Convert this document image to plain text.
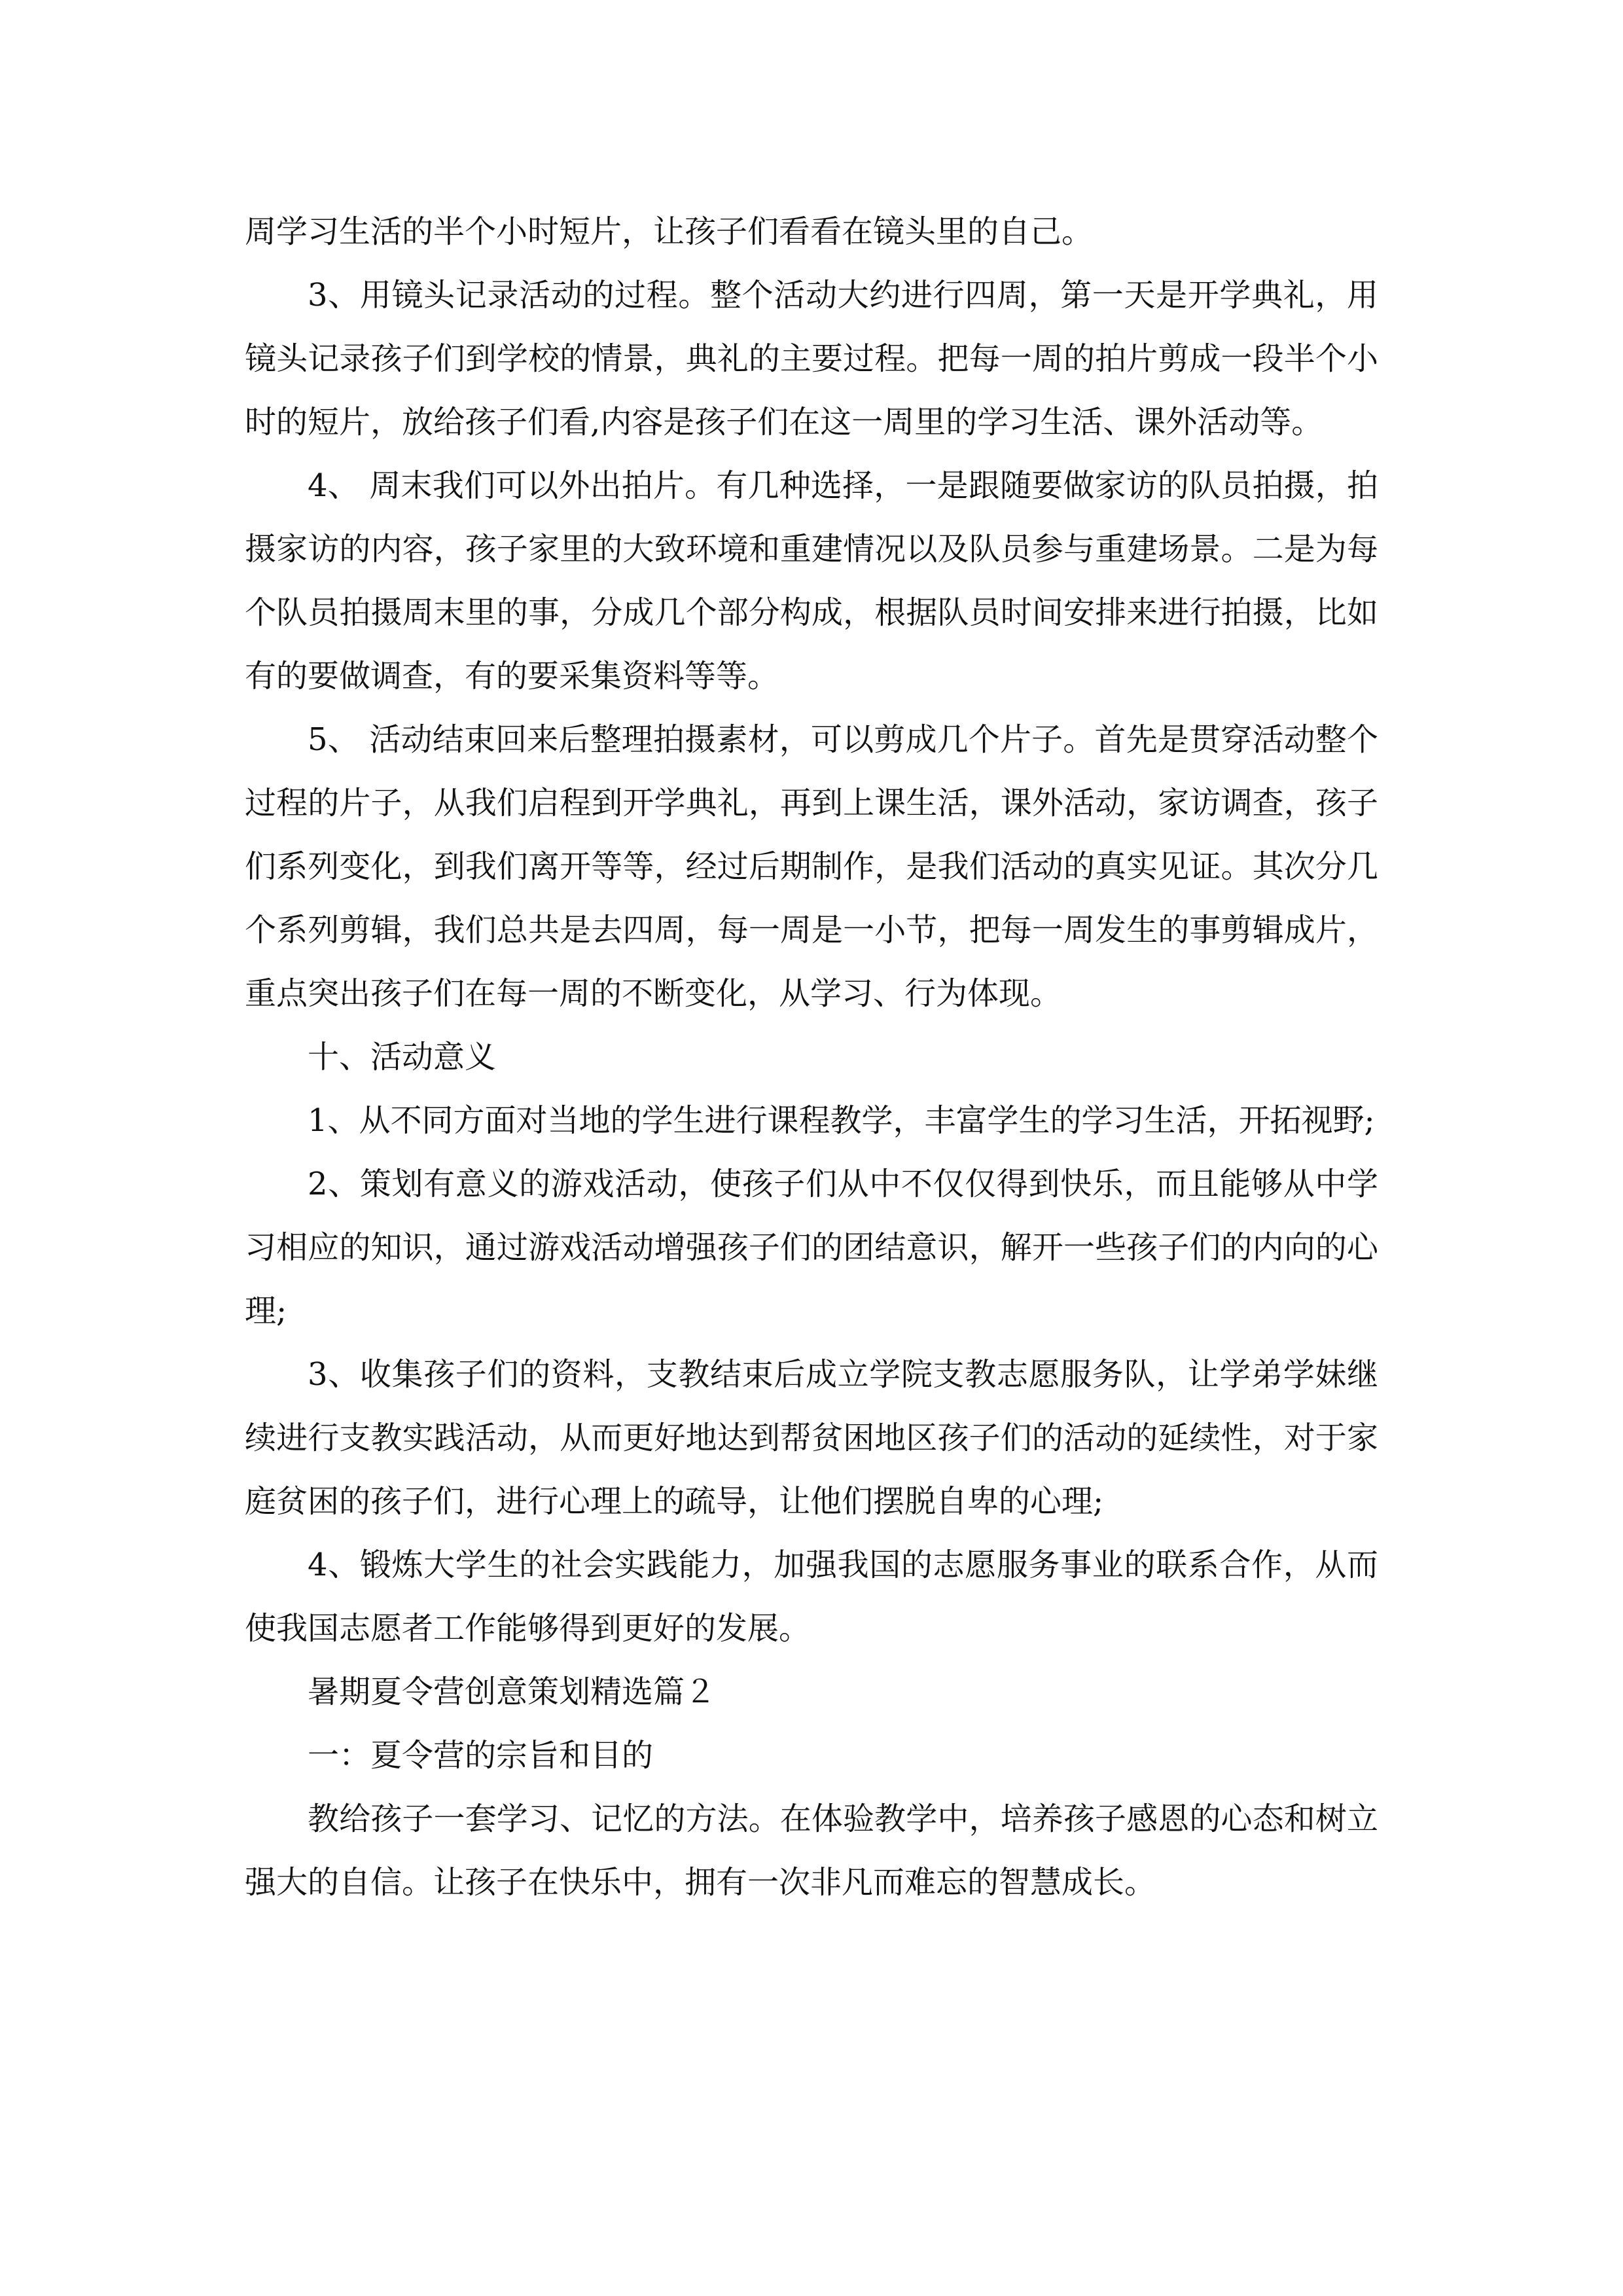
周学习生活的半个小时短片，让孩子们看看在镜头里的自己。

3、用镜头记录活动的过程。整个活动大约进行四周，第一天是开学典礼，用镜头记录孩子们到学校的情景，典礼的主要过程。把每一周的拍片剪成一段半个小时的短片，放给孩子们看,内容是孩子们在这一周里的学习生活、课外活动等。

4、 周末我们可以外出拍片。有几种选择，一是跟随要做家访的队员拍摄，拍摄家访的内容，孩子家里的大致环境和重建情况以及队员参与重建场景。二是为每个队员拍摄周末里的事，分成几个部分构成，根据队员时间安排来进行拍摄，比如有的要做调查，有的要采集资料等等。

5、 活动结束回来后整理拍摄素材，可以剪成几个片子。首先是贯穿活动整个过程的片子，从我们启程到开学典礼，再到上课生活，课外活动，家访调查，孩子们系列变化，到我们离开等等，经过后期制作，是我们活动的真实见证。其次分几个系列剪辑，我们总共是去四周，每一周是一小节，把每一周发生的事剪辑成片，重点突出孩子们在每一周的不断变化，从学习、行为体现。

十、活动意义

1、从不同方面对当地的学生进行课程教学，丰富学生的学习生活，开拓视野;

2、策划有意义的游戏活动，使孩子们从中不仅仅得到快乐，而且能够从中学习相应的知识，通过游戏活动增强孩子们的团结意识，解开一些孩子们的内向的心理;

3、收集孩子们的资料，支教结束后成立学院支教志愿服务队，让学弟学妹继续进行支教实践活动，从而更好地达到帮贫困地区孩子们的活动的延续性，对于家庭贫困的孩子们，进行心理上的疏导，让他们摆脱自卑的心理;

4、锻炼大学生的社会实践能力，加强我国的志愿服务事业的联系合作，从而使我国志愿者工作能够得到更好的发展。

暑期夏令营创意策划精选篇２

一：夏令营的宗旨和目的

教给孩子一套学习、记忆的方法。在体验教学中，培养孩子感恩的心态和树立强大的自信。让孩子在快乐中，拥有一次非凡而难忘的智慧成长。
